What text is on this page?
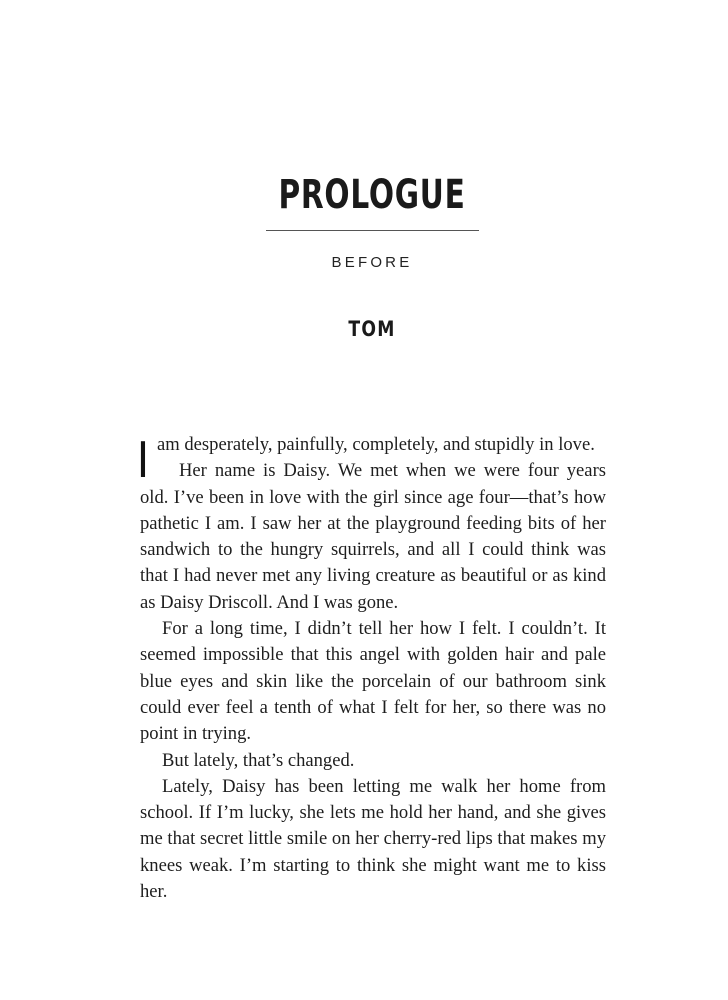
PROLOGUE
BEFORE
TOM

Iam desperately, painfully, completely, and stupidly in love.

Her name is Daisy. We met when we were four years old. I’ve been in love with the girl since age four—that’s how pathetic I am. I saw her at the playground feeding bits of her sandwich to the hungry squirrels, and all I could think was that I had never met any living creature as beautiful or as kind as Daisy Driscoll. And I was gone.

For a long time, I didn’t tell her how I felt. I couldn’t. It seemed impossible that this angel with golden hair and pale blue eyes and skin like the porcelain of our bathroom sink could ever feel a tenth of what I felt for her, so there was no point in trying.

But lately, that’s changed.

Lately, Daisy has been letting me walk her home from school. If I’m lucky, she lets me hold her hand, and she gives me that secret little smile on her cherry-red lips that makes my knees weak. I’m starting to think she might want me to kiss her.
